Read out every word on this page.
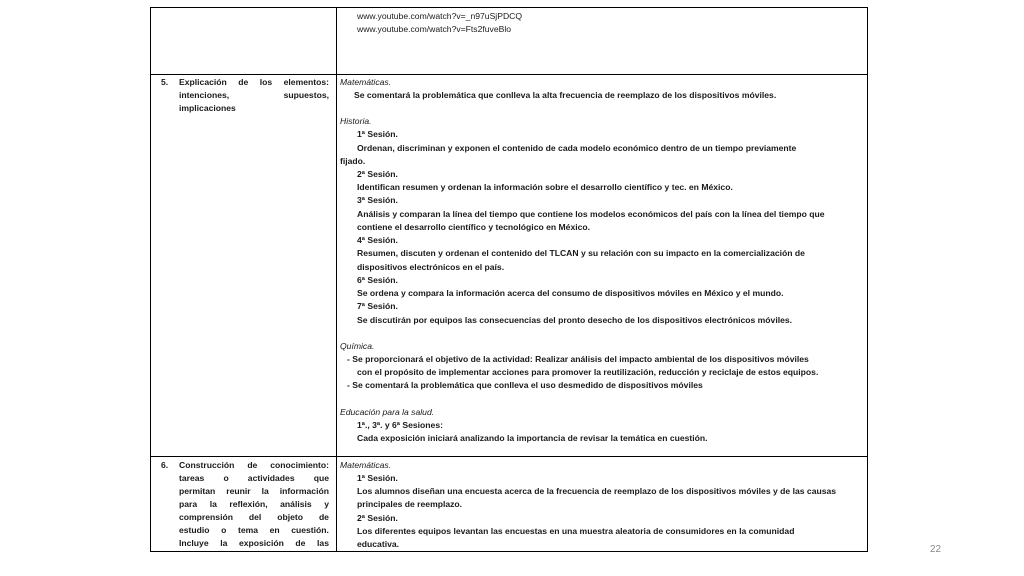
www.youtube.com/watch?v=_n97uSjPDCQ
www.youtube.com/watch?v=Fts2fuveBlo
5. Explicación de los elementos:
intenciones,	supuestos,
implicaciones
Matemáticas.
Se comentará la problemática que conlleva la alta frecuencia de reemplazo de los dispositivos móviles.
Historia.
1ª Sesión.
Ordenan, discriminan y exponen el contenido de cada modelo económico dentro de un tiempo previamente
fijado.
2ª Sesión.
Identifican resumen y ordenan la información sobre el desarrollo científico y tec. en México.
3ª Sesión.
Análisis y comparan la línea del tiempo que contiene los modelos económicos del país con la línea del tiempo que
contiene el desarrollo científico y tecnológico en México.
4ª Sesión.
Resumen, discuten y ordenan el contenido del TLCAN y su relación con su impacto en la comercialización de
dispositivos electrónicos en el país.
6ª Sesión.
Se ordena y compara la información acerca del consumo de dispositivos móviles en México y el mundo.
7ª Sesión.
Se discutirán por equipos las consecuencias del pronto desecho de los dispositivos electrónicos móviles.
Química.
- Se proporcionará el objetivo de la actividad: Realizar análisis del impacto ambiental de los dispositivos móviles
con el propósito de implementar acciones para promover la reutilización, reducción y reciclaje de estos equipos.
- Se comentará la problemática que conlleva el uso desmedido de dispositivos móviles
Educación para la salud.
1ª., 3ª. y 6ª Sesiones:
Cada exposición iniciará analizando la importancia de revisar la temática en cuestión.
6. Construcción de conocimiento:
tareas o actividades que
permitan reunir la información
para la reflexión, análisis y
comprensión del objeto de
estudio o tema en cuestión.
Incluye la exposición de las
Matemáticas.
1ª Sesión.
Los alumnos diseñan una encuesta acerca de la frecuencia de reemplazo de los dispositivos móviles y de las causas
principales de reemplazo.
2ª Sesión.
Los diferentes equipos levantan las encuestas en una muestra aleatoria de consumidores en la comunidad
educativa.	22
